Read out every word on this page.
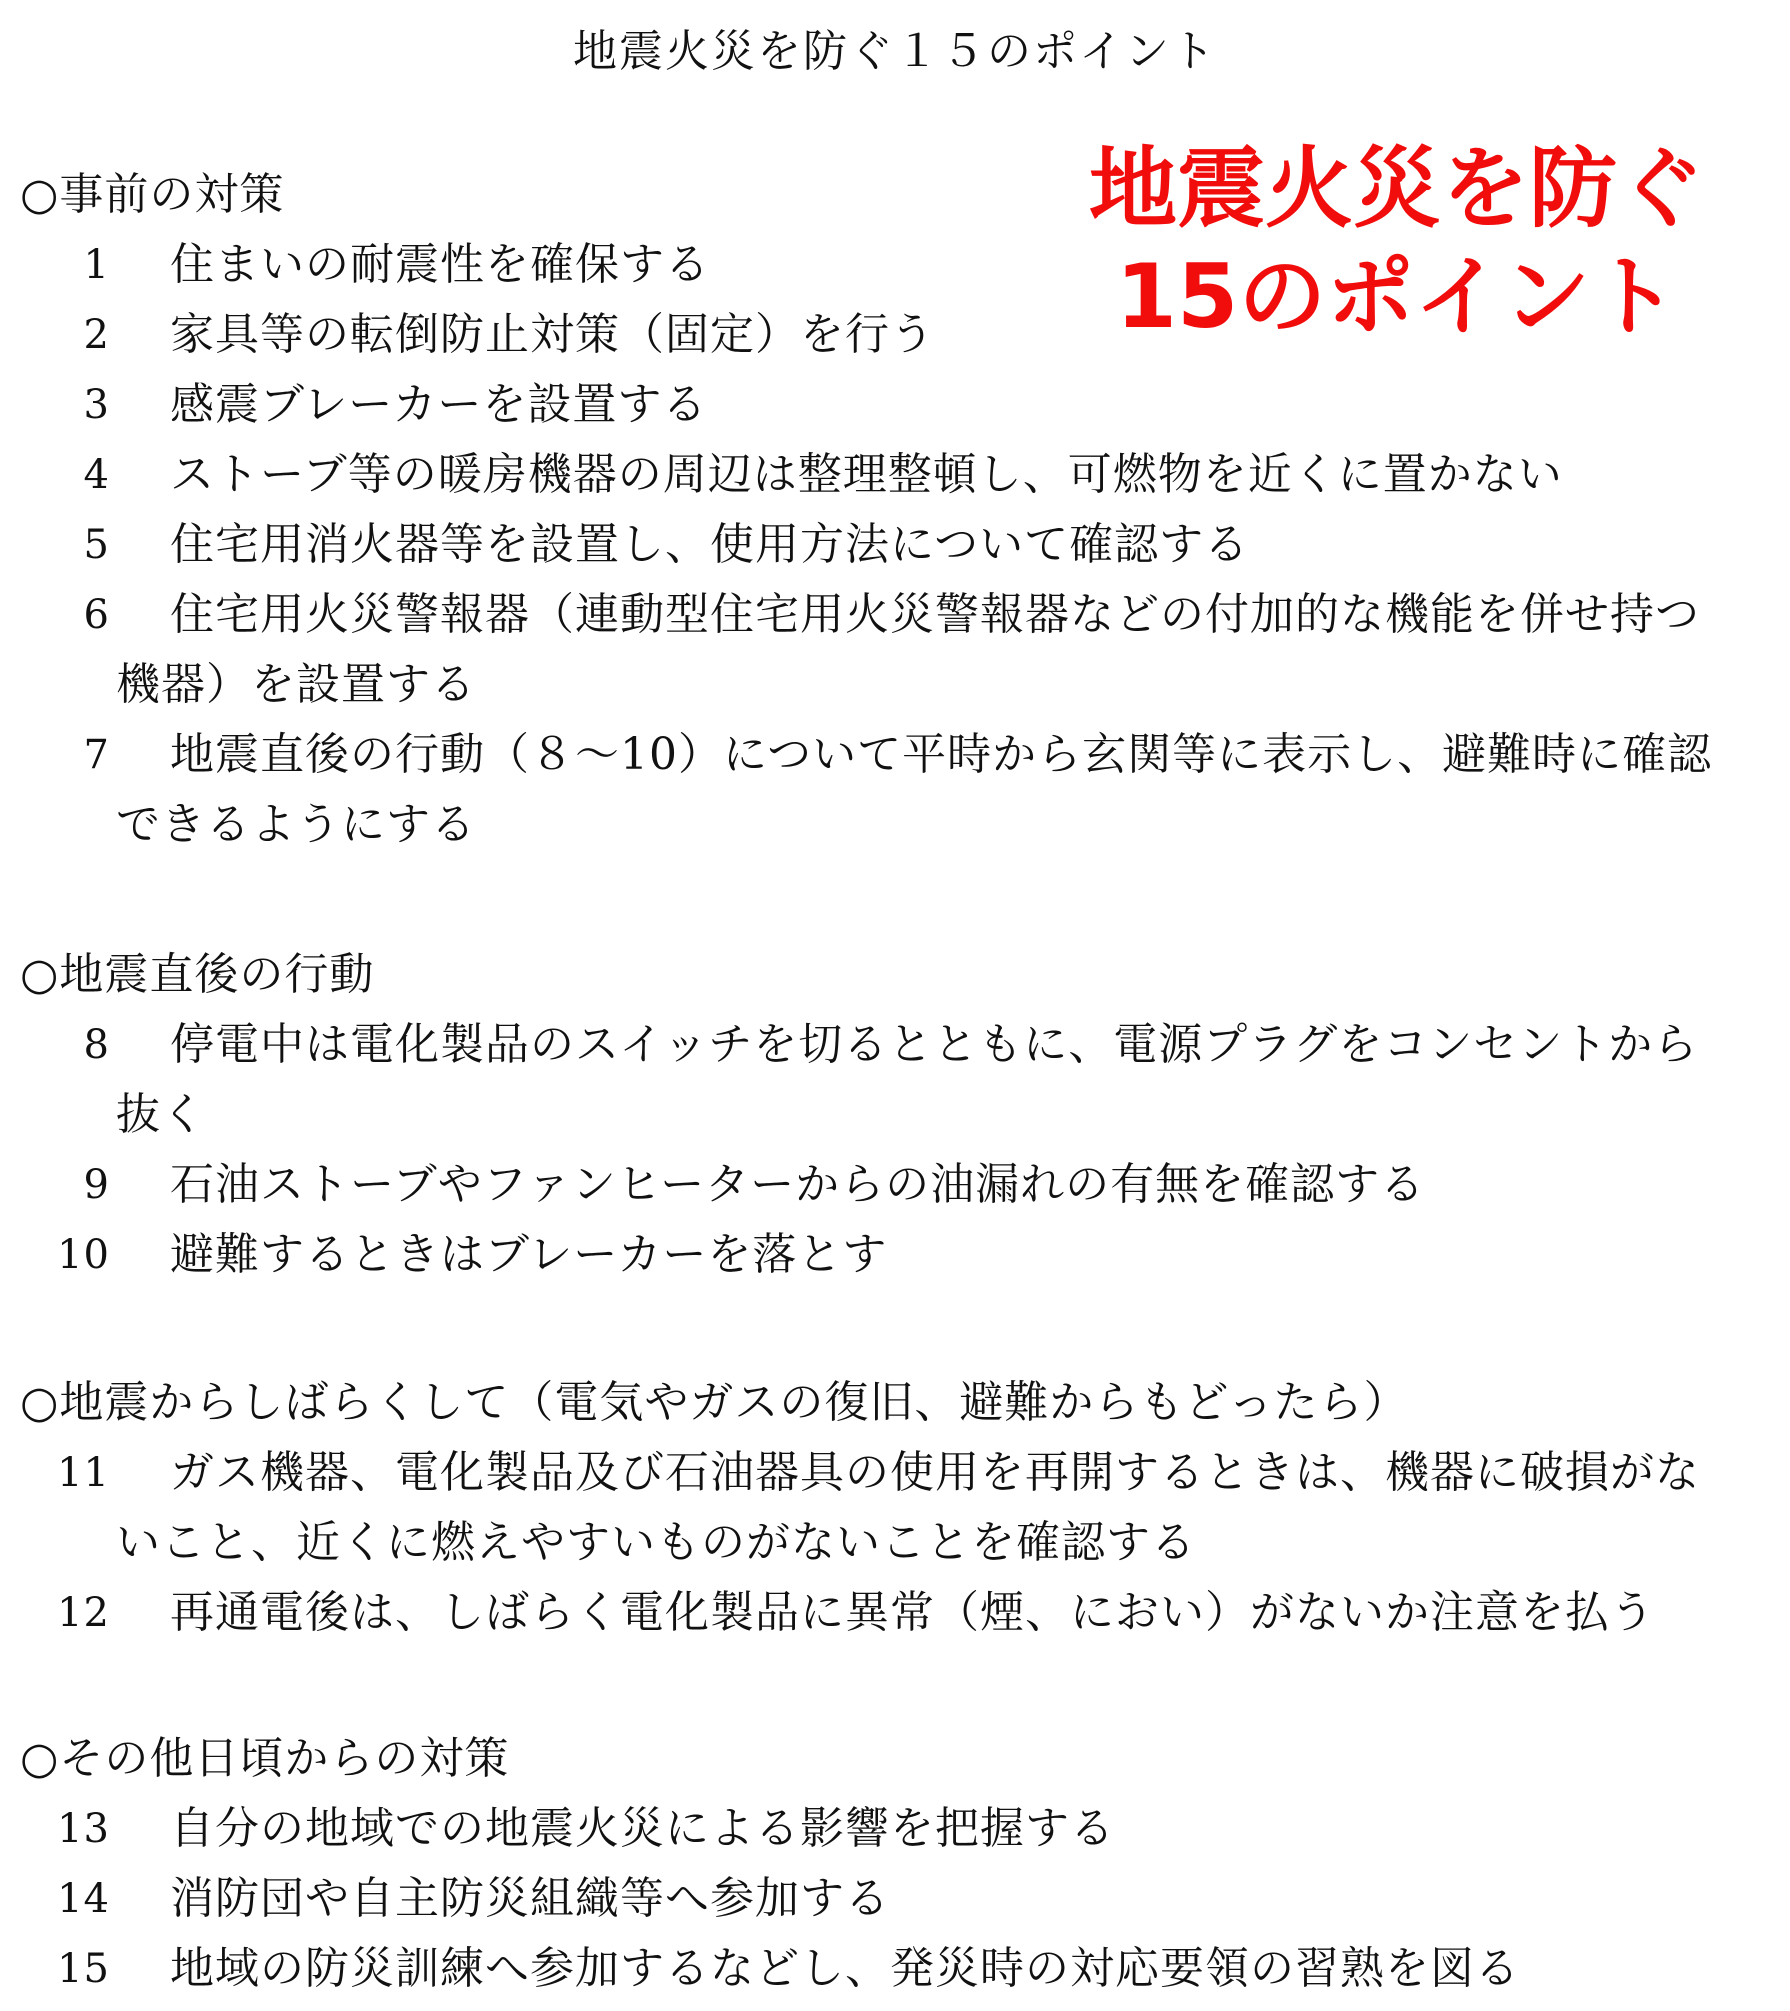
地震火災を防ぐ１５のポイント
地震火災を防ぐ
15のポイント
○事前の対策
1 住まいの耐震性を確保する
2 家具等の転倒防止対策（固定）を行う
3 感震ブレーカーを設置する
4 ストーブ等の暖房機器の周辺は整理整頓し、可燃物を近くに置かない
5 住宅用消火器等を設置し、使用方法について確認する
6 住宅用火災警報器（連動型住宅用火災警報器などの付加的な機能を併せ持つ
機器）を設置する
7 地震直後の行動（８～10）について平時から玄関等に表示し、避難時に確認
できるようにする
○地震直後の行動
8 停電中は電化製品のスイッチを切るとともに、電源プラグをコンセントから
抜く
9 石油ストーブやファンヒーターからの油漏れの有無を確認する
10 避難するときはブレーカーを落とす
○地震からしばらくして（電気やガスの復旧、避難からもどったら）
11 ガス機器、電化製品及び石油器具の使用を再開するときは、機器に破損がな
いこと、近くに燃えやすいものがないことを確認する
12 再通電後は、しばらく電化製品に異常（煙、におい）がないか注意を払う
○その他日頃からの対策
13 自分の地域での地震火災による影響を把握する
14 消防団や自主防災組織等へ参加する
15 地域の防災訓練へ参加するなどし、発災時の対応要領の習熟を図る
